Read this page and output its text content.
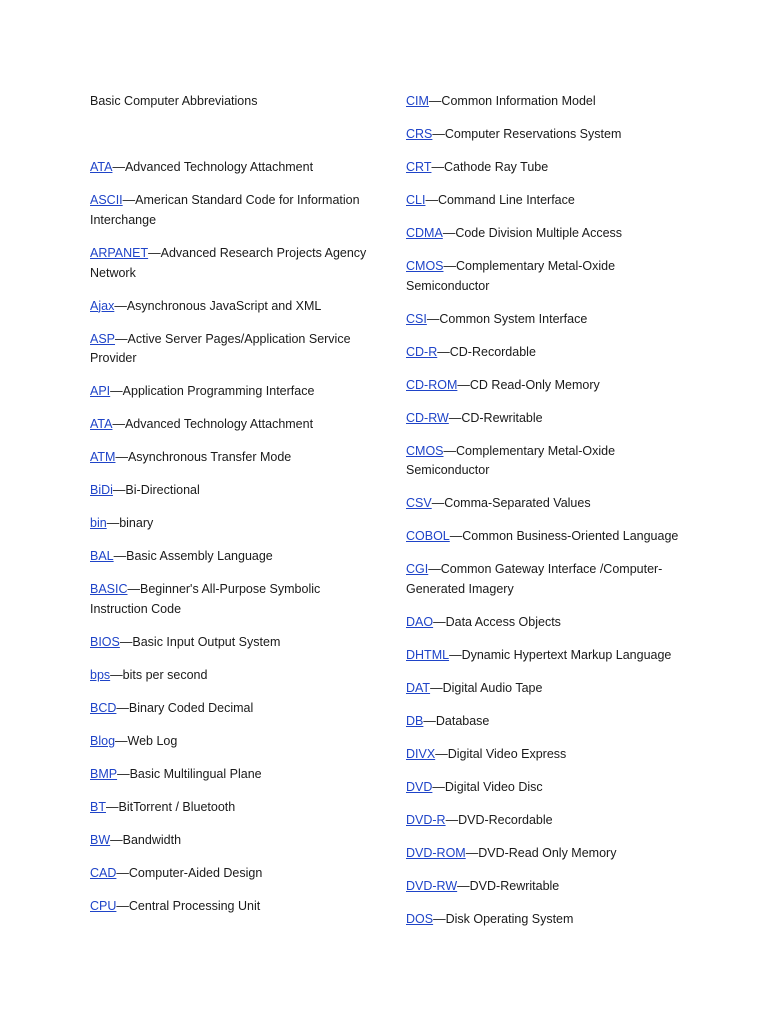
Basic Computer Abbreviations
ATA—Advanced Technology Attachment
ASCII—American Standard Code for Information Interchange
ARPANET—Advanced Research Projects Agency Network
Ajax—Asynchronous JavaScript and XML
ASP—Active Server Pages/Application Service Provider
API—Application Programming Interface
ATA—Advanced Technology Attachment
ATM—Asynchronous Transfer Mode
BiDi—Bi-Directional
bin—binary
BAL—Basic Assembly Language
BASIC—Beginner's All-Purpose Symbolic Instruction Code
BIOS—Basic Input Output System
bps—bits per second
BCD—Binary Coded Decimal
Blog—Web Log
BMP—Basic Multilingual Plane
BT—BitTorrent / Bluetooth
BW—Bandwidth
CAD—Computer-Aided Design
CPU—Central Processing Unit
CIM—Common Information Model
CRS—Computer Reservations System
CRT—Cathode Ray Tube
CLI—Command Line Interface
CDMA—Code Division Multiple Access
CMOS—Complementary Metal-Oxide Semiconductor
CSI—Common System Interface
CD-R—CD-Recordable
CD-ROM—CD Read-Only Memory
CD-RW—CD-Rewritable
CMOS—Complementary Metal-Oxide Semiconductor
CSV—Comma-Separated Values
COBOL—Common Business-Oriented Language
CGI—Common Gateway Interface /Computer-Generated Imagery
DAO—Data Access Objects
DHTML—Dynamic Hypertext Markup Language
DAT—Digital Audio Tape
DB—Database
DIVX—Digital Video Express
DVD—Digital Video Disc
DVD-R—DVD-Recordable
DVD-ROM—DVD-Read Only Memory
DVD-RW—DVD-Rewritable
DOS—Disk Operating System
